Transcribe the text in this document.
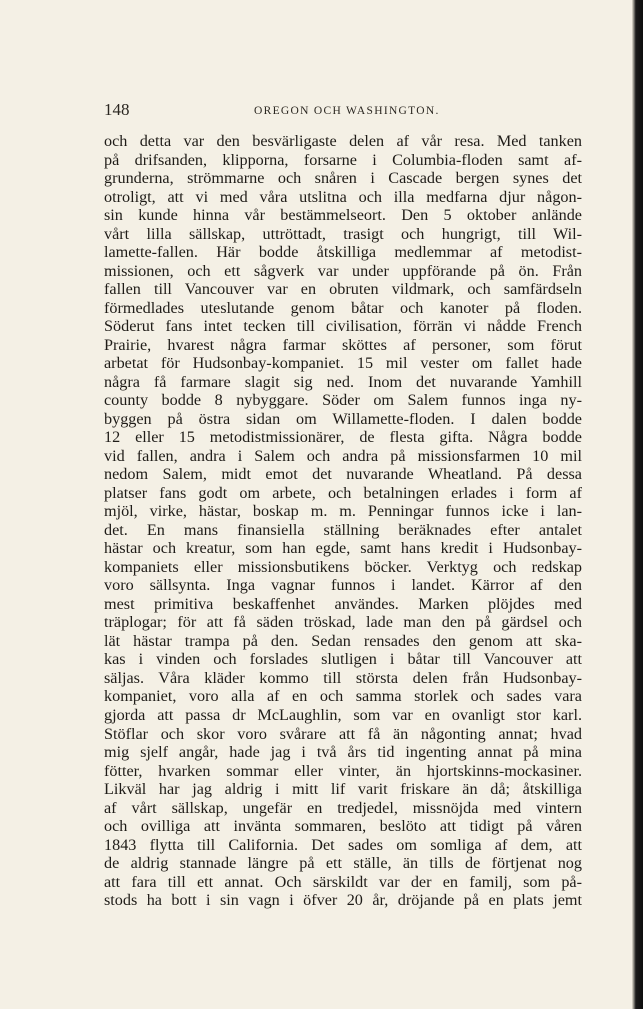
148	OREGON OCH WASHINGTON.
och detta var den besvärligaste delen af vår resa. Med tanken
på drifsanden, klipporna, forsarne i Columbia-floden samt af-
grunderna, strömmarne och snåren i Cascade bergen synes det
otroligt, att vi med våra utslitna och illa medfarna djur någon-
sin kunde hinna vår bestämmelseort. Den 5 oktober anlände
vårt lilla sällskap, uttröttadt, trasigt och hungrigt, till Wil-
lamette-fallen. Här bodde åtskilliga medlemmar af metodist-
missionen, och ett sågverk var under uppförande på ön. Från
fallen till Vancouver var en obruten vildmark, och samfärdseln
förmedlades uteslutande genom båtar och kanoter på floden.
Söderut fans intet tecken till civilisation, förrän vi nådde French
Prairie, hvarest några farmar sköttes af personer, som förut
arbetat för Hudsonbay-kompaniet. 15 mil vester om fallet hade
några få farmare slagit sig ned. Inom det nuvarande Yamhill
county bodde 8 nybyggare. Söder om Salem funnos inga ny-
byggen på östra sidan om Willamette-floden. I dalen bodde
12 eller 15 metodistmissionärer, de flesta gifta. Några bodde
vid fallen, andra i Salem och andra på missionsfarmen 10 mil
nedom Salem, midt emot det nuvarande Wheatland. På dessa
platser fans godt om arbete, och betalningen erlades i form af
mjöl, virke, hästar, boskap m. m. Penningar funnos icke i lan-
det. En mans finansiella ställning beräknades efter antalet
hästar och kreatur, som han egde, samt hans kredit i Hudsonbay-
kompaniets eller missionsbutikens böcker. Verktyg och redskap
voro sällsynta. Inga vagnar funnos i landet. Kärror af den
mest primitiva beskaffenhet användes. Marken plöjdes med
träplogar; för att få säden tröskad, lade man den på gärdsel och
lät hästar trampa på den. Sedan rensades den genom att ska-
kas i vinden och forslades slutligen i båtar till Vancouver att
säljas. Våra kläder kommo till största delen från Hudsonbay-
kompaniet, voro alla af en och samma storlek och sades vara
gjorda att passa dr McLaughlin, som var en ovanligt stor karl.
Stöflar och skor voro svårare att få än någonting annat; hvad
mig sjelf angår, hade jag i två års tid ingenting annat på mina
fötter, hvarken sommar eller vinter, än hjortskinns-mockasiner.
Likväl har jag aldrig i mitt lif varit friskare än då; åtskilliga
af vårt sällskap, ungefär en tredjedel, missnöjda med vintern
och ovilliga att invänta sommaren, beslöto att tidigt på våren
1843 flytta till California. Det sades om somliga af dem, att
de aldrig stannade längre på ett ställe, än tills de förtjenat nog
att fara till ett annat. Och särskildt var der en familj, som på-
stods ha bott i sin vagn i öfver 20 år, dröjande på en plats jemt
